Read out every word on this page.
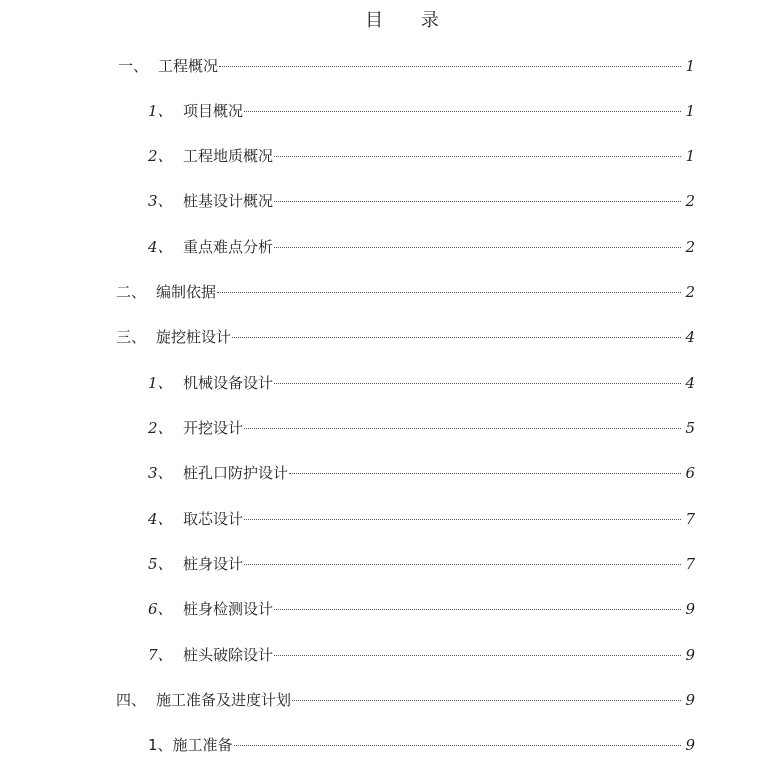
目 录
一、 工程概况	1
1、 项目概况	1
2、 工程地质概况	1
3、 桩基设计概况	2
4、 重点难点分析	2
二、 编制依据	2
三、 旋挖桩设计	4
1、 机械设备设计	4
2、 开挖设计	5
3、 桩孔口防护设计	6
4、 取芯设计	7
5、 桩身设计	7
6、 桩身检测设计	9
7、 桩头破除设计	9
四、 施工准备及进度计划	9
1、 施工准备	9
